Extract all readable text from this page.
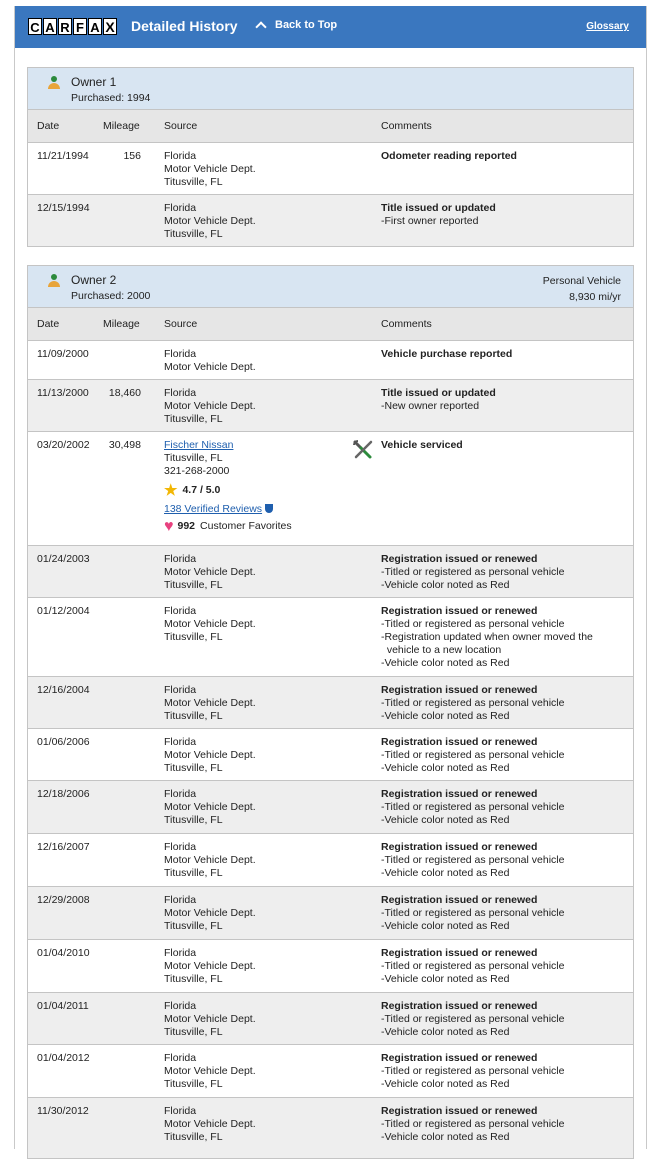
C A R F A X Detailed History	Back to Top	Glossary
Owner 1
Purchased: 1994
Date	Mileage Source	Comments
11/21/1994	156 Florida
Motor Vehicle Dept.
Titusville, FL
Odometer reading reported
12/15/1994	Florida
Motor Vehicle Dept.
Titusville, FL
Title issued or updated
-First owner reported
Owner 2
Purchased: 2000
Personal Vehicle
8,930 mi/yr
Date	Mileage Source	Comments
11/09/2000	Florida
Motor Vehicle Dept.
Vehicle purchase reported
11/13/2000	18,460 Florida
Motor Vehicle Dept.
Titusville, FL
Title issued or updated
-New owner reported
03/20/2002	30,498 Fischer Nissan
Titusville, FL
321-268-2000
★ 4.7 / 5.0
138 Verified Reviews
♥ 992 Customer Favorites
Vehicle serviced
01/24/2003	Florida
Motor Vehicle Dept.
Titusville, FL
Registration issued or renewed
-Titled or registered as personal vehicle
-Vehicle color noted as Red
01/12/2004	Florida
Motor Vehicle Dept.
Titusville, FL
Registration issued or renewed
-Titled or registered as personal vehicle
-Registration updated when owner moved the
vehicle to a new location
-Vehicle color noted as Red
12/16/2004	Florida
Motor Vehicle Dept.
Titusville, FL
Registration issued or renewed
-Titled or registered as personal vehicle
-Vehicle color noted as Red
01/06/2006	Florida
Motor Vehicle Dept.
Titusville, FL
Registration issued or renewed
-Titled or registered as personal vehicle
-Vehicle color noted as Red
12/18/2006	Florida
Motor Vehicle Dept.
Titusville, FL
Registration issued or renewed
-Titled or registered as personal vehicle
-Vehicle color noted as Red
12/16/2007	Florida
Motor Vehicle Dept.
Titusville, FL
Registration issued or renewed
-Titled or registered as personal vehicle
-Vehicle color noted as Red
12/29/2008	Florida
Motor Vehicle Dept.
Titusville, FL
Registration issued or renewed
-Titled or registered as personal vehicle
-Vehicle color noted as Red
01/04/2010	Florida
Motor Vehicle Dept.
Titusville, FL
Registration issued or renewed
-Titled or registered as personal vehicle
-Vehicle color noted as Red
01/04/2011	Florida
Motor Vehicle Dept.
Titusville, FL
Registration issued or renewed
-Titled or registered as personal vehicle
-Vehicle color noted as Red
01/04/2012	Florida
Motor Vehicle Dept.
Titusville, FL
Registration issued or renewed
-Titled or registered as personal vehicle
-Vehicle color noted as Red
11/30/2012	Florida
Motor Vehicle Dept.
Titusville, FL
Registration issued or renewed
-Titled or registered as personal vehicle
-Vehicle color noted as Red
